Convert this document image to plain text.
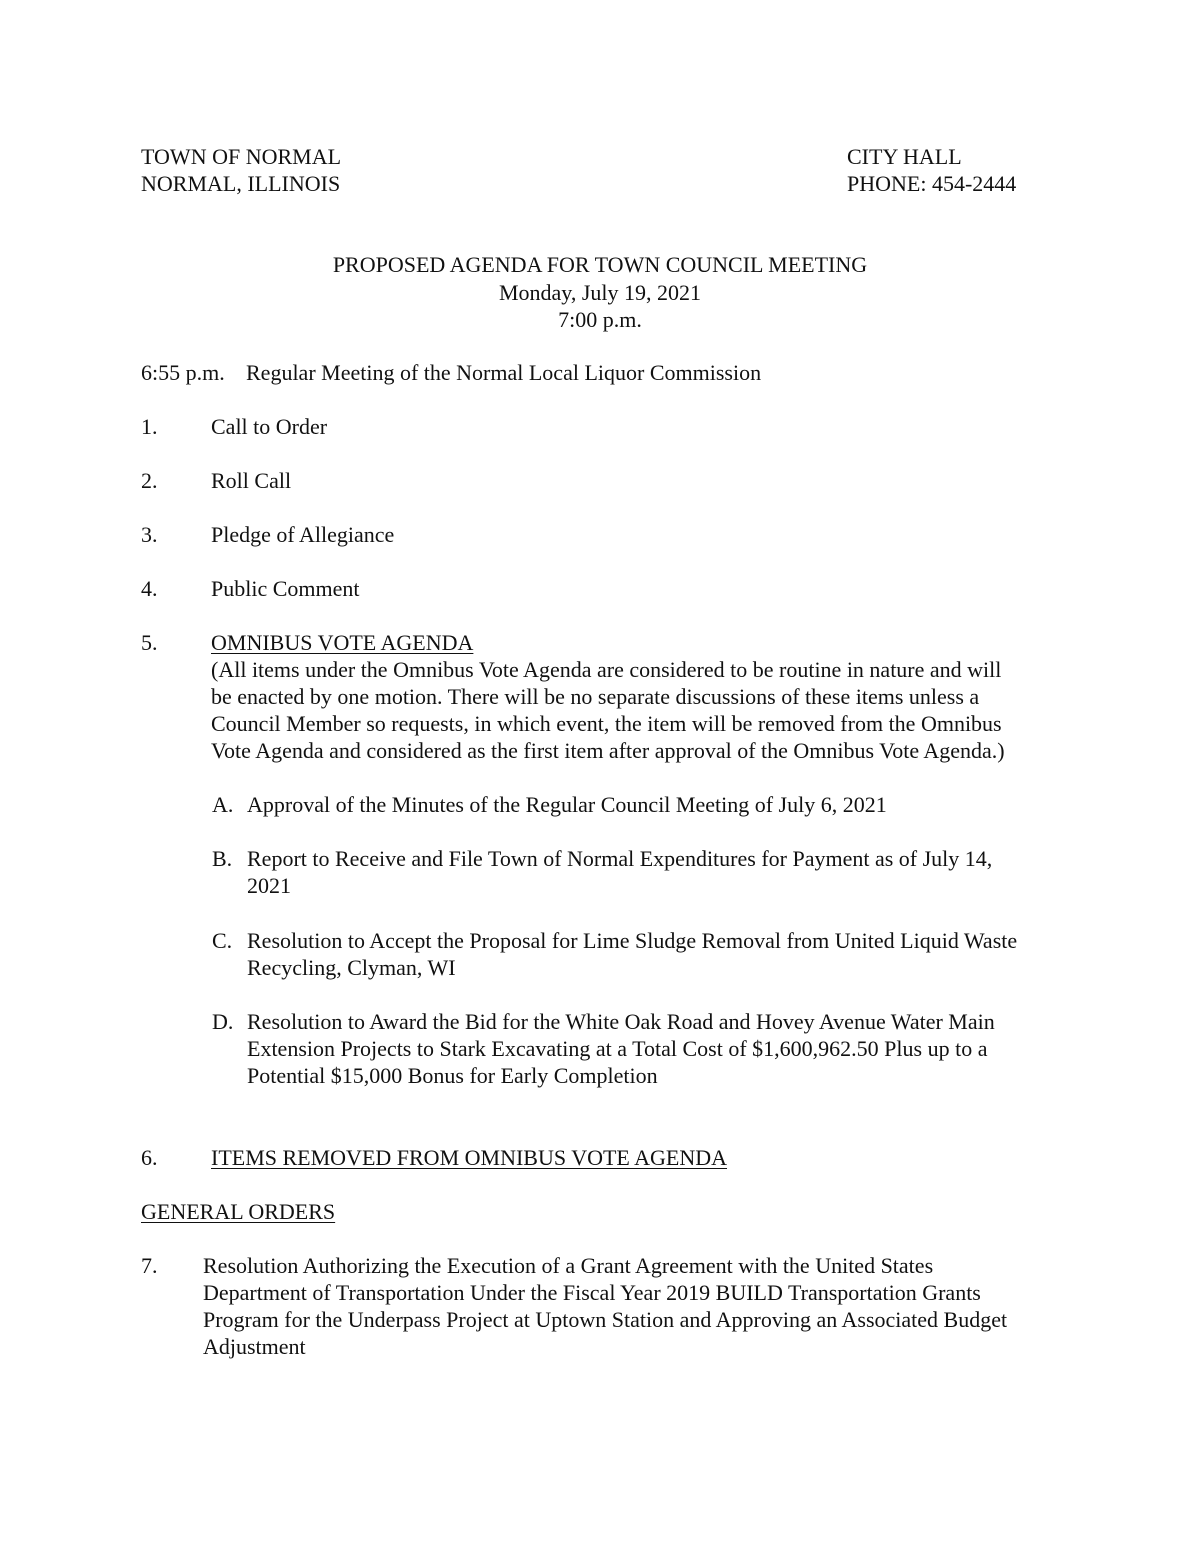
TOWN OF NORMAL
NORMAL, ILLINOIS
CITY HALL
PHONE: 454-2444
PROPOSED AGENDA FOR TOWN COUNCIL MEETING
Monday, July 19, 2021
7:00 p.m.
6:55 p.m. Regular Meeting of the Normal Local Liquor Commission
1. Call to Order
2. Roll Call
3. Pledge of Allegiance
4. Public Comment
5. OMNIBUS VOTE AGENDA
(All items under the Omnibus Vote Agenda are considered to be routine in nature and will
be enacted by one motion. There will be no separate discussions of these items unless a
Council Member so requests, in which event, the item will be removed from the Omnibus
Vote Agenda and considered as the first item after approval of the Omnibus Vote Agenda.)
A. Approval of the Minutes of the Regular Council Meeting of July 6, 2021
B. Report to Receive and File Town of Normal Expenditures for Payment as of July 14,
2021
C. Resolution to Accept the Proposal for Lime Sludge Removal from United Liquid Waste
Recycling, Clyman, WI
D. Resolution to Award the Bid for the White Oak Road and Hovey Avenue Water Main
Extension Projects to Stark Excavating at a Total Cost of $1,600,962.50 Plus up to a
Potential $15,000 Bonus for Early Completion
6. ITEMS REMOVED FROM OMNIBUS VOTE AGENDA
GENERAL ORDERS
7. Resolution Authorizing the Execution of a Grant Agreement with the United States
Department of Transportation Under the Fiscal Year 2019 BUILD Transportation Grants
Program for the Underpass Project at Uptown Station and Approving an Associated Budget
Adjustment
